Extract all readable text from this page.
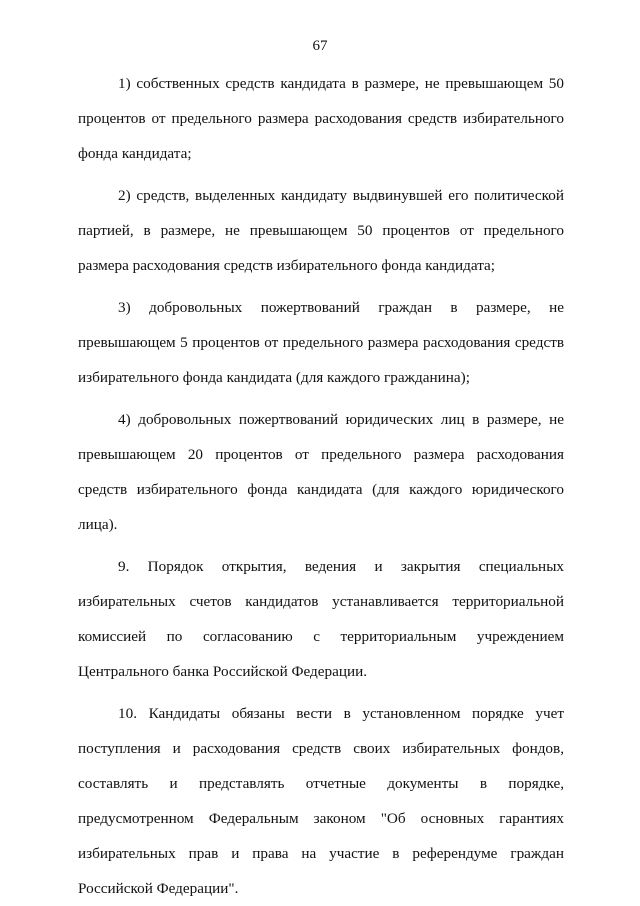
67

1) собственных средств кандидата в размере, не превышающем 50 процентов от предельного размера расходования средств избирательного фонда кандидата;

2) средств, выделенных кандидату выдвинувшей его политической партией, в размере, не превышающем 50 процентов от предельного размера расходования средств избирательного фонда кандидата;

3) добровольных пожертвований граждан в размере, не превышающем 5 процентов от предельного размера расходования средств избирательного фонда кандидата (для каждого гражданина);

4) добровольных пожертвований юридических лиц в размере, не превышающем 20 процентов от предельного размера расходования средств избирательного фонда кандидата (для каждого юридического лица).

9. Порядок открытия, ведения и закрытия специальных избирательных счетов кандидатов устанавливается территориальной комиссией по согласованию с территориальным учреждением Центрального банка Российской Федерации.

10. Кандидаты обязаны вести в установленном порядке учет поступления и расходования средств своих избирательных фондов, составлять и представлять отчетные документы в порядке, предусмотренном Федеральным законом "Об основных гарантиях избирательных прав и права на участие в референдуме граждан Российской Федерации".
